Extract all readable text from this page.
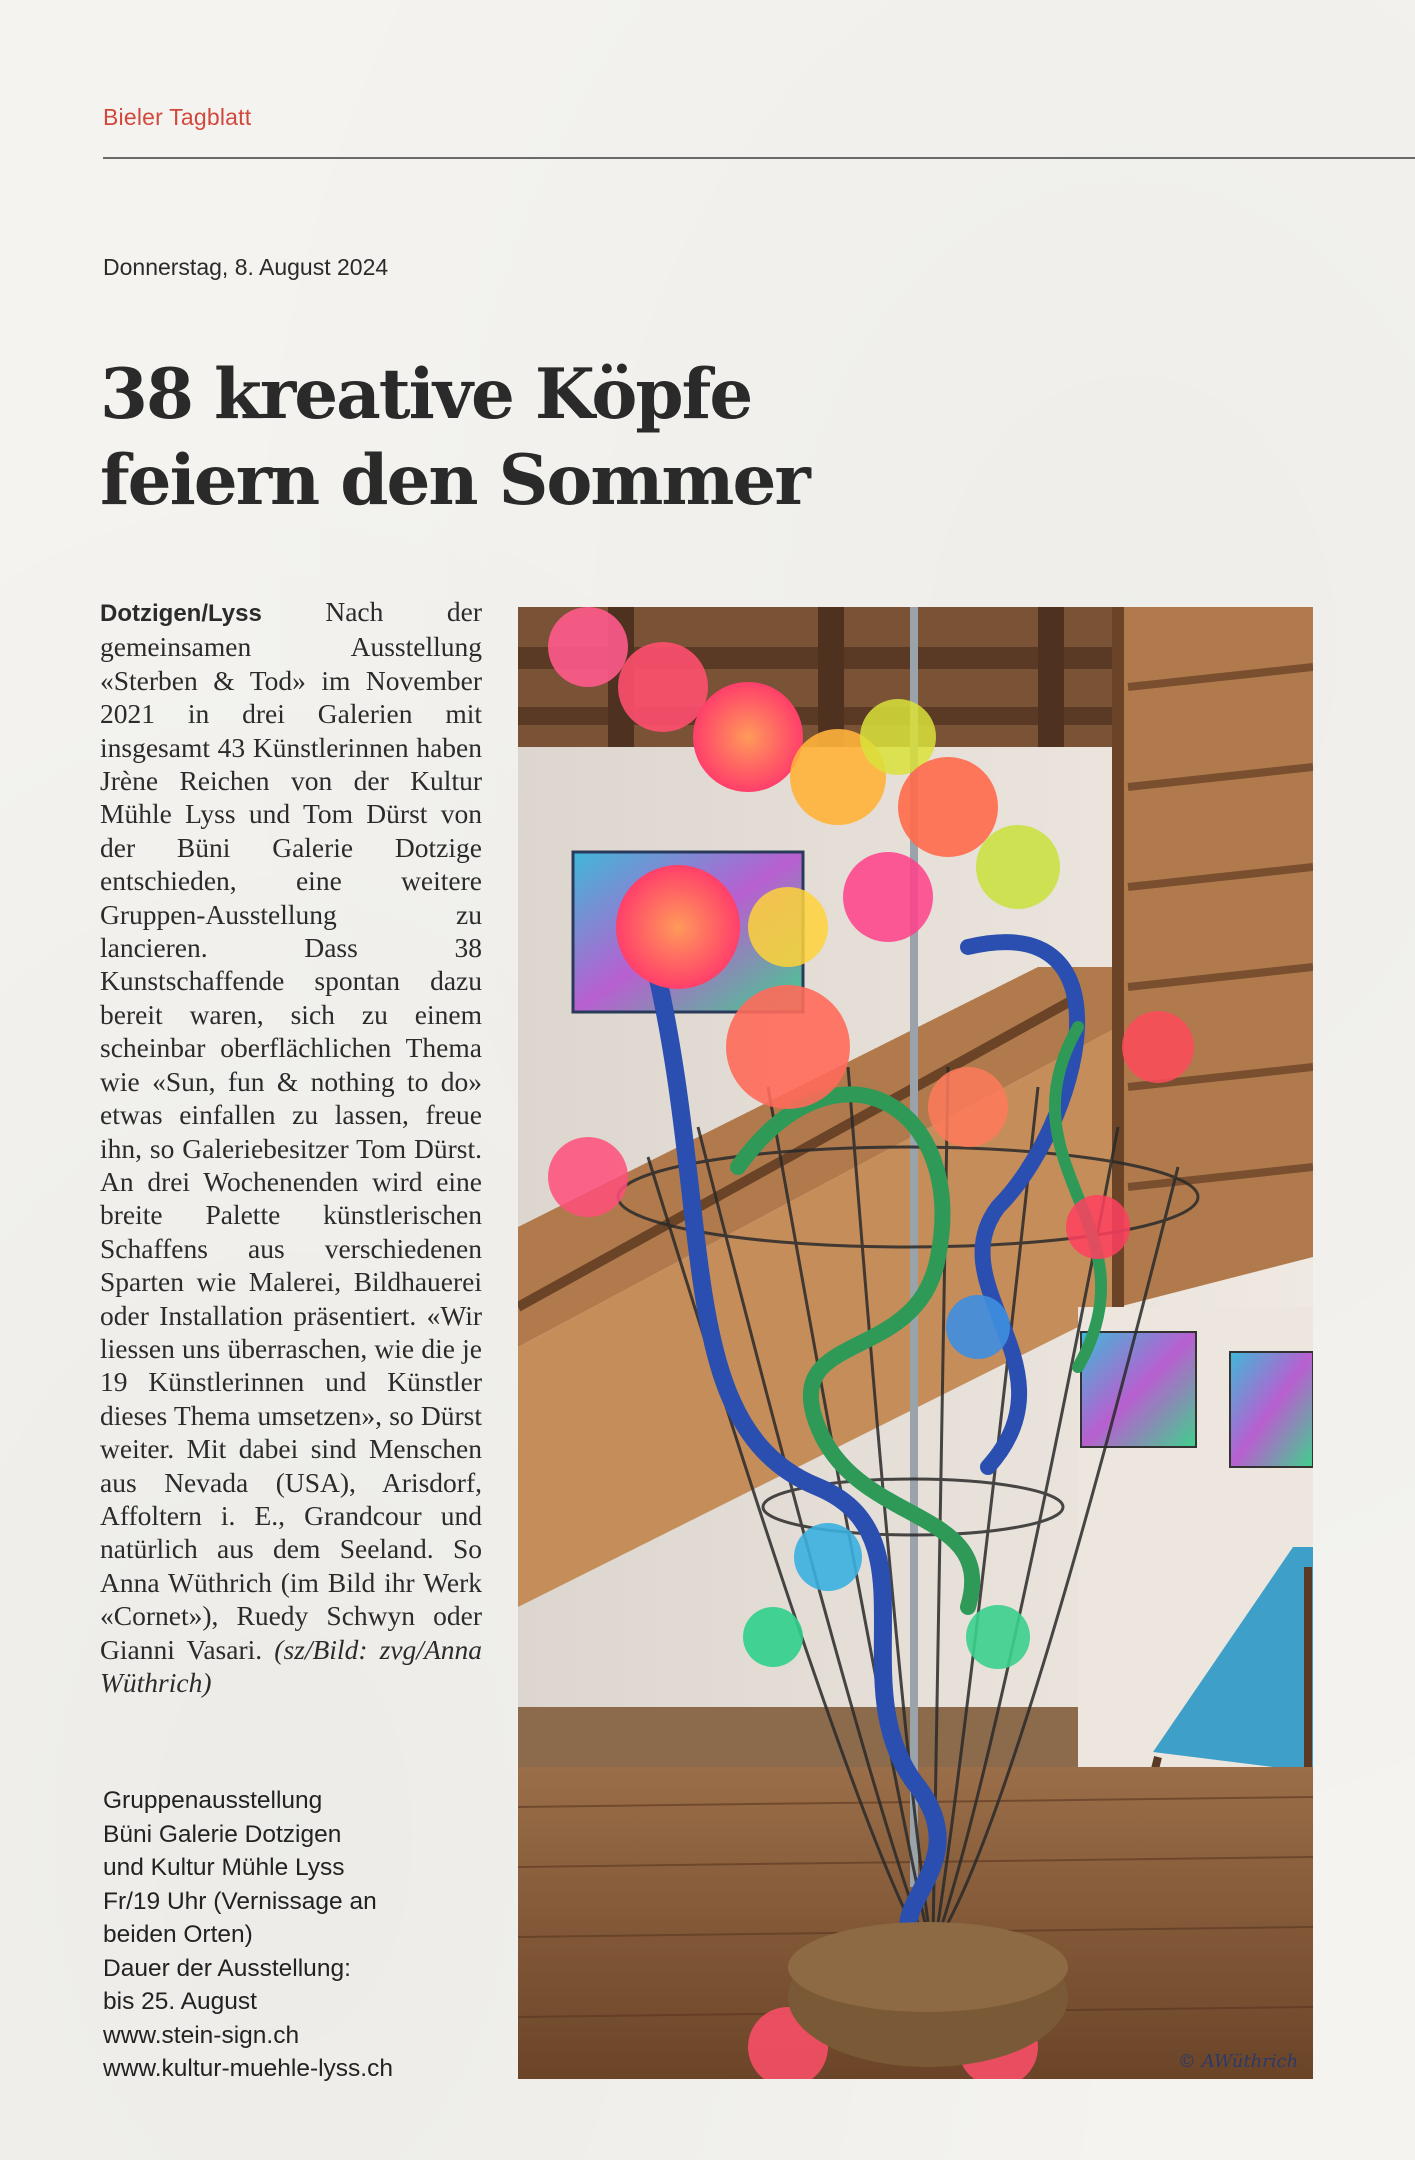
Bieler Tagblatt
Donnerstag, 8. August 2024
38 kreative Köpfe
feiern den Sommer

Dotzigen/Lyss Nach der gemeinsamen Ausstellung «Sterben & Tod» im November 2021 in drei Galerien mit insgesamt 43 Künstlerinnen haben Jrène Reichen von der Kultur Mühle Lyss und Tom Dürst von der Büni Galerie Dotzige entschieden, eine weitere Gruppen-Ausstellung zu lancieren. Dass 38 Kunstschaffende spontan dazu bereit waren, sich zu einem scheinbar oberflächlichen Thema wie «Sun, fun & nothing to do» etwas einfallen zu lassen, freue ihn, so Galeriebesitzer Tom Dürst. An drei Wochenenden wird eine breite Palette künstlerischen Schaffens aus verschiedenen Sparten wie Malerei, Bildhauerei oder Installation präsentiert. «Wir liessen uns überraschen, wie die je 19 Künstlerinnen und Künstler dieses Thema umsetzen», so Dürst weiter. Mit dabei sind Menschen aus Nevada (USA), Arisdorf, Affoltern i. E., Grandcour und natürlich aus dem Seeland. So Anna Wüthrich (im Bild ihr Werk «Cornet»), Ruedy Schwyn oder Gianni Vasari. (sz/Bild: zvg/Anna Wüthrich)

Gruppenausstellung
Büni Galerie Dotzigen
und Kultur Mühle Lyss
Fr/19 Uhr (Vernissage an
beiden Orten)
Dauer der Ausstellung:
bis 25. August
www.stein-sign.ch
www.kultur-muehle-lyss.ch	© AWüthrich
